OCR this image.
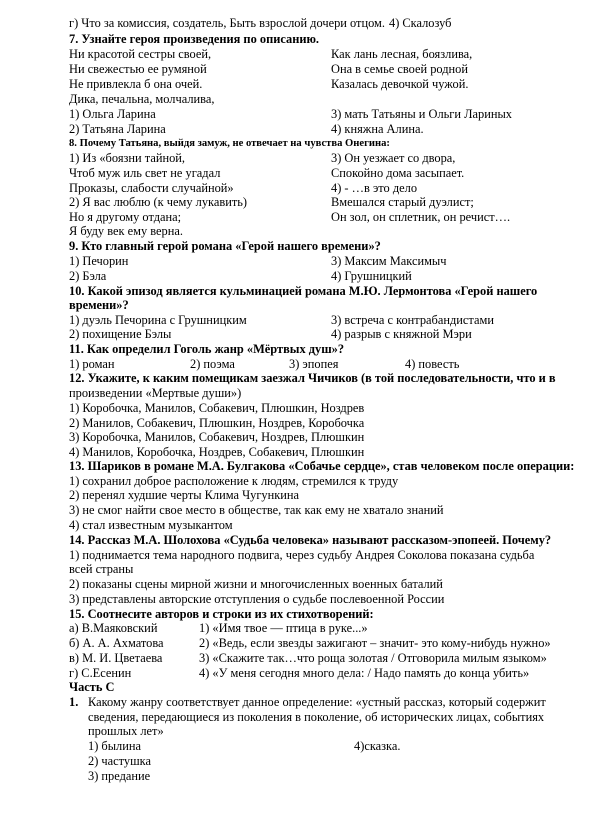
г) Что за комиссия, создатель, Быть взрослой дочери отцом. 4) Скалозуб
7. Узнайте героя произведения по описанию.
Ни красотой сестры своей,	Как лань лесная, боязлива,
Ни свежестью ее румяной	Она в семье своей родной
Не привлекла б она очей.	Казалась девочкой чужой.
Дика, печальна, молчалива,
1) Ольга Ларина	3) мать Татьяны и Ольги Лариных
2) Татьяна Ларина	4) княжна Алина.
8. Почему Татьяна, выйдя замуж, не отвечает на чувства Онегина:
1) Из «боязни тайной,	3) Он уезжает со двора,
Чтоб муж иль свет не угадал	Спокойно дома засыпает.
Проказы, слабости случайной»	4) - …в это дело
2) Я вас люблю (к чему лукавить)	Вмешался старый дуэлист;
Но я другому отдана;	Он зол, он сплетник, он речист….
Я буду век ему верна.
9. Кто главный герой романа «Герой нашего времени»?
1) Печорин	3) Максим Максимыч
2) Бэла	4) Грушницкий
10. Какой эпизод является кульминацией романа М.Ю. Лермонтова «Герой нашего
времени»?
1) дуэль Печорина с Грушницким	3) встреча с контрабандистами
2) похищение Бэлы	4) разрыв с княжной Мэри
11. Как определил Гоголь жанр «Мёртвых душ»?
1) роман	2) поэма	3) эпопея	4) повесть
12. Укажите, к каким помещикам заезжал Чичиков (в той последовательности, что и в
произведении «Мертвые души»)
1) Коробочка, Манилов, Собакевич, Плюшкин, Ноздрев
2) Манилов, Собакевич, Плюшкин, Ноздрев, Коробочка
3) Коробочка, Манилов, Собакевич, Ноздрев, Плюшкин
4) Манилов, Коробочка, Ноздрев, Собакевич, Плюшкин
13. Шариков в романе М.А. Булгакова «Собачье сердце», став человеком после операции:
1) сохранил доброе расположение к людям, стремился к труду
2) перенял худшие черты Клима Чугункина
3) не смог найти свое место в обществе, так как ему не хватало знаний
4) стал известным музыкантом
14. Рассказ М.А. Шолохова «Судьба человека» называют рассказом-эпопеей. Почему?
1) поднимается тема народного подвига, через судьбу Андрея Соколова показана судьба
всей страны
2) показаны сцены мирной жизни и многочисленных военных баталий
3) представлены авторские отступления о судьбе послевоенной России
15. Соотнесите авторов и строки из их стихотворений:
а) В.Маяковский	1) «Имя твое — птица в руке...»
б) А. А. Ахматова	2) «Ведь, если звезды зажигают – значит- это кому-нибудь нужно»
в) М. И. Цветаева	3) «Скажите так…что роща золотая / Отговорила милым языком»
г) С.Есенин	4) «У меня сегодня много дела: / Надо память до конца убить»
Часть С
1. Какому жанру соответствует данное определение: «устный рассказ, который содержит
сведения, передающиеся из поколения в поколение, об исторических лицах, событиях
прошлых лет»
1) былина	4)сказка.
2) частушка
3) предание
